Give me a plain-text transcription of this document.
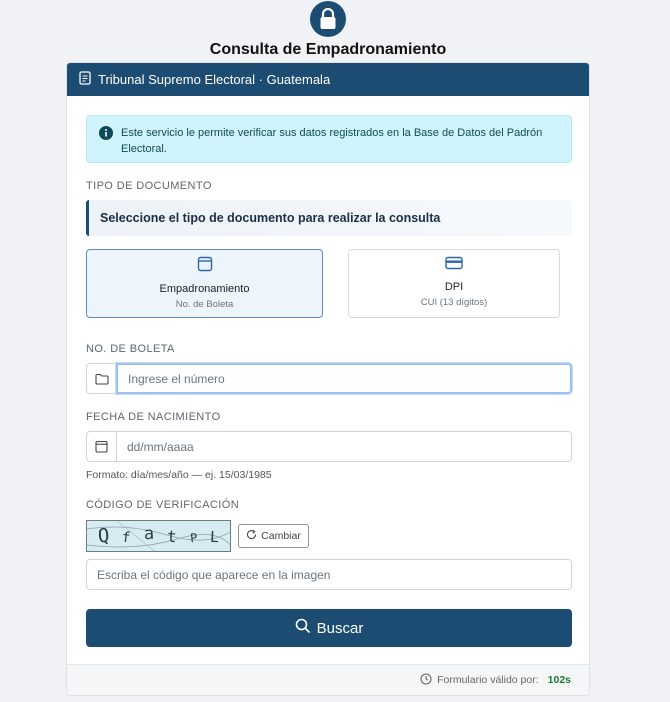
Consulta de Empadronamiento
Tribunal Supremo Electoral · Guatemala
Este servicio le permite verificar sus datos registrados en la Base de Datos del Padrón Electoral.
TIPO DE DOCUMENTO
Seleccione el tipo de documento para realizar la consulta
Empadronamiento
No. de Boleta
DPI
CUI (13 dígitos)
NO. DE BOLETA
Ingrese el número
FECHA DE NACIMIENTO
dd/mm/aaaa
Formato: día/mes/año — ej. 15/03/1985
CÓDIGO DE VERIFICACIÓN
Q f a t P L	Cambiar
Escriba el código que aparece en la imagen
Buscar
Formulario válido por: 102s
